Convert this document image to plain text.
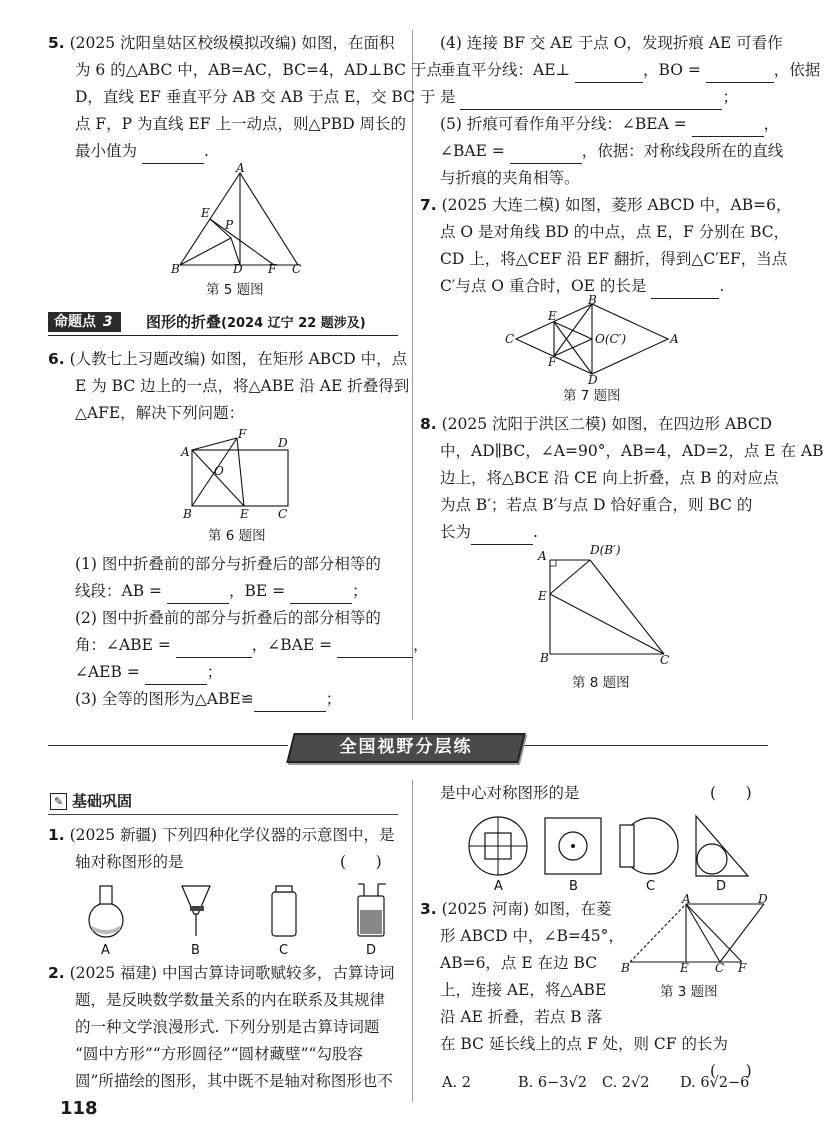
5. (2025 沈阳皇姑区校级模拟改编) 如图，在面积
为 6 的△ABC 中，AB=AC，BC=4，AD⊥BC 于点
D，直线 EF 垂直平分 AB 交 AB 于点 E，交 BC 于
点 F，P 为直线 EF 上一动点，则△PBD 周长的
最小值为	.
A
B	C
D
E
F
P
第 5 题图
命题点 3	图形的折叠(2024 辽宁 22 题涉及)
6. (人教七上习题改编) 如图，在矩形 ABCD 中，点
E 为 BC 边上的一点，将△ABE 沿 AE 折叠得到
△AFE，解决下列问题：
A
B
F
D
E C
O
第 6 题图
(1) 图中折叠前的部分与折叠后的部分相等的
线段：AB =	，BE =	；
(2) 图中折叠前的部分与折叠后的部分相等的
角：∠ABE =	，∠BAE =	，
∠AEB =	；
(3) 全等的图形为△ABE≌	；
(4) 连接 BF 交 AE 于点 O，发现折痕 AE 可看作
垂直平分线：AE⊥	，BO =	，依据
是	；
(5) 折痕可看作角平分线：∠BEA =	，
∠BAE =	，依据：对称线段所在的直线
与折痕的夹角相等。
7. (2025 大连二模) 如图，菱形 ABCD 中，AB=6，
点 O 是对角线 BD 的中点，点 E，F 分别在 BC，
CD 上，将△CEF 沿 EF 翻折，得到△C′EF，当点
C′与点 O 重合时，OE 的长是	.
C
B
A
D
E
F
O(C′)
第 7 题图
8. (2025 沈阳于洪区二模) 如图，在四边形 ABCD
中，AD∥BC，∠A=90°，AB=4，AD=2，点 E 在 AB
边上，将△BCE 沿 CE 向上折叠，点 B 的对应点
为点 B′；若点 B′与点 D 恰好重合，则 BC 的
长为	.
A	D(B′)
E
B	C
第 8 题图
全国视野分层练
✎ 基础巩固
1. (2025 新疆) 下列四种化学仪器的示意图中，是
轴对称图形的是	(      )
A	B	C	D
2. (2025 福建) 中国古算诗词歌赋较多，古算诗词
题，是反映数学数量关系的内在联系及其规律
的一种文学浪漫形式. 下列分别是古算诗词题
“圆中方形”“方形圆径”“圆材藏壁”“勾股容
圆”所描绘的图形，其中既不是轴对称图形也不
是中心对称图形的是	(      )
A	B	C	D
3. (2025 河南) 如图，在菱
形 ABCD 中，∠B=45°，
AB=6，点 E 在边 BC
上，连接 AE，将△ABE
沿 AE 折叠，若点 B 落
在 BC 延长线上的点 F 处，则 CF 的长为
(      )
A	D
B	E C F
第 3 题图
A. 2	B. 6−3√2 C. 2√2 D. 6√2−6
118
